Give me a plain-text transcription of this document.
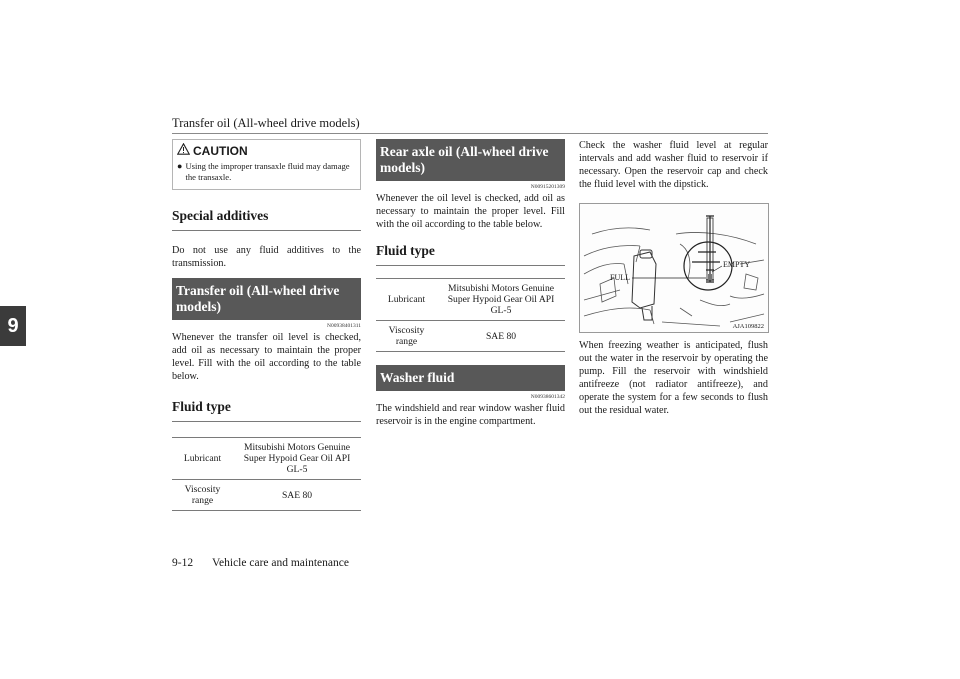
Transfer oil (All-wheel drive models)
9
CAUTION
● Using the improper transaxle fluid may damage the transaxle.
Special additives

Do not use any fluid additives to the transmission.

Transfer oil (All-wheel drive models)

N00938401311

Whenever the transfer oil level is checked, add oil as necessary to maintain the proper level. Fill with the oil according to the table below.

Fluid type
Lubricant	Mitsubishi Motors Genuine Super Hypoid Gear Oil API GL-5
Viscosity range	SAE 80
Rear axle oil (All-wheel drive models)

N00915201309

Whenever the oil level is checked, add oil as necessary to maintain the proper level. Fill with the oil according to the table below.

Fluid type
Lubricant	Mitsubishi Motors Genuine Super Hypoid Gear Oil API GL-5
Viscosity range	SAE 80
Washer fluid

N00938601342

The windshield and rear window washer fluid reservoir is in the engine compartment.

Check the washer fluid level at regular intervals and add washer fluid to reservoir if necessary. Open the reservoir cap and check the fluid level with the dipstick.

EMPTY
FULL
AJA109822

When freezing weather is anticipated, flush out the water in the reservoir by operating the pump. Fill the reservoir with windshield antifreeze (not radiator antifreeze), and operate the system for a few seconds to flush out the residual water.

9-12 Vehicle care and maintenance
